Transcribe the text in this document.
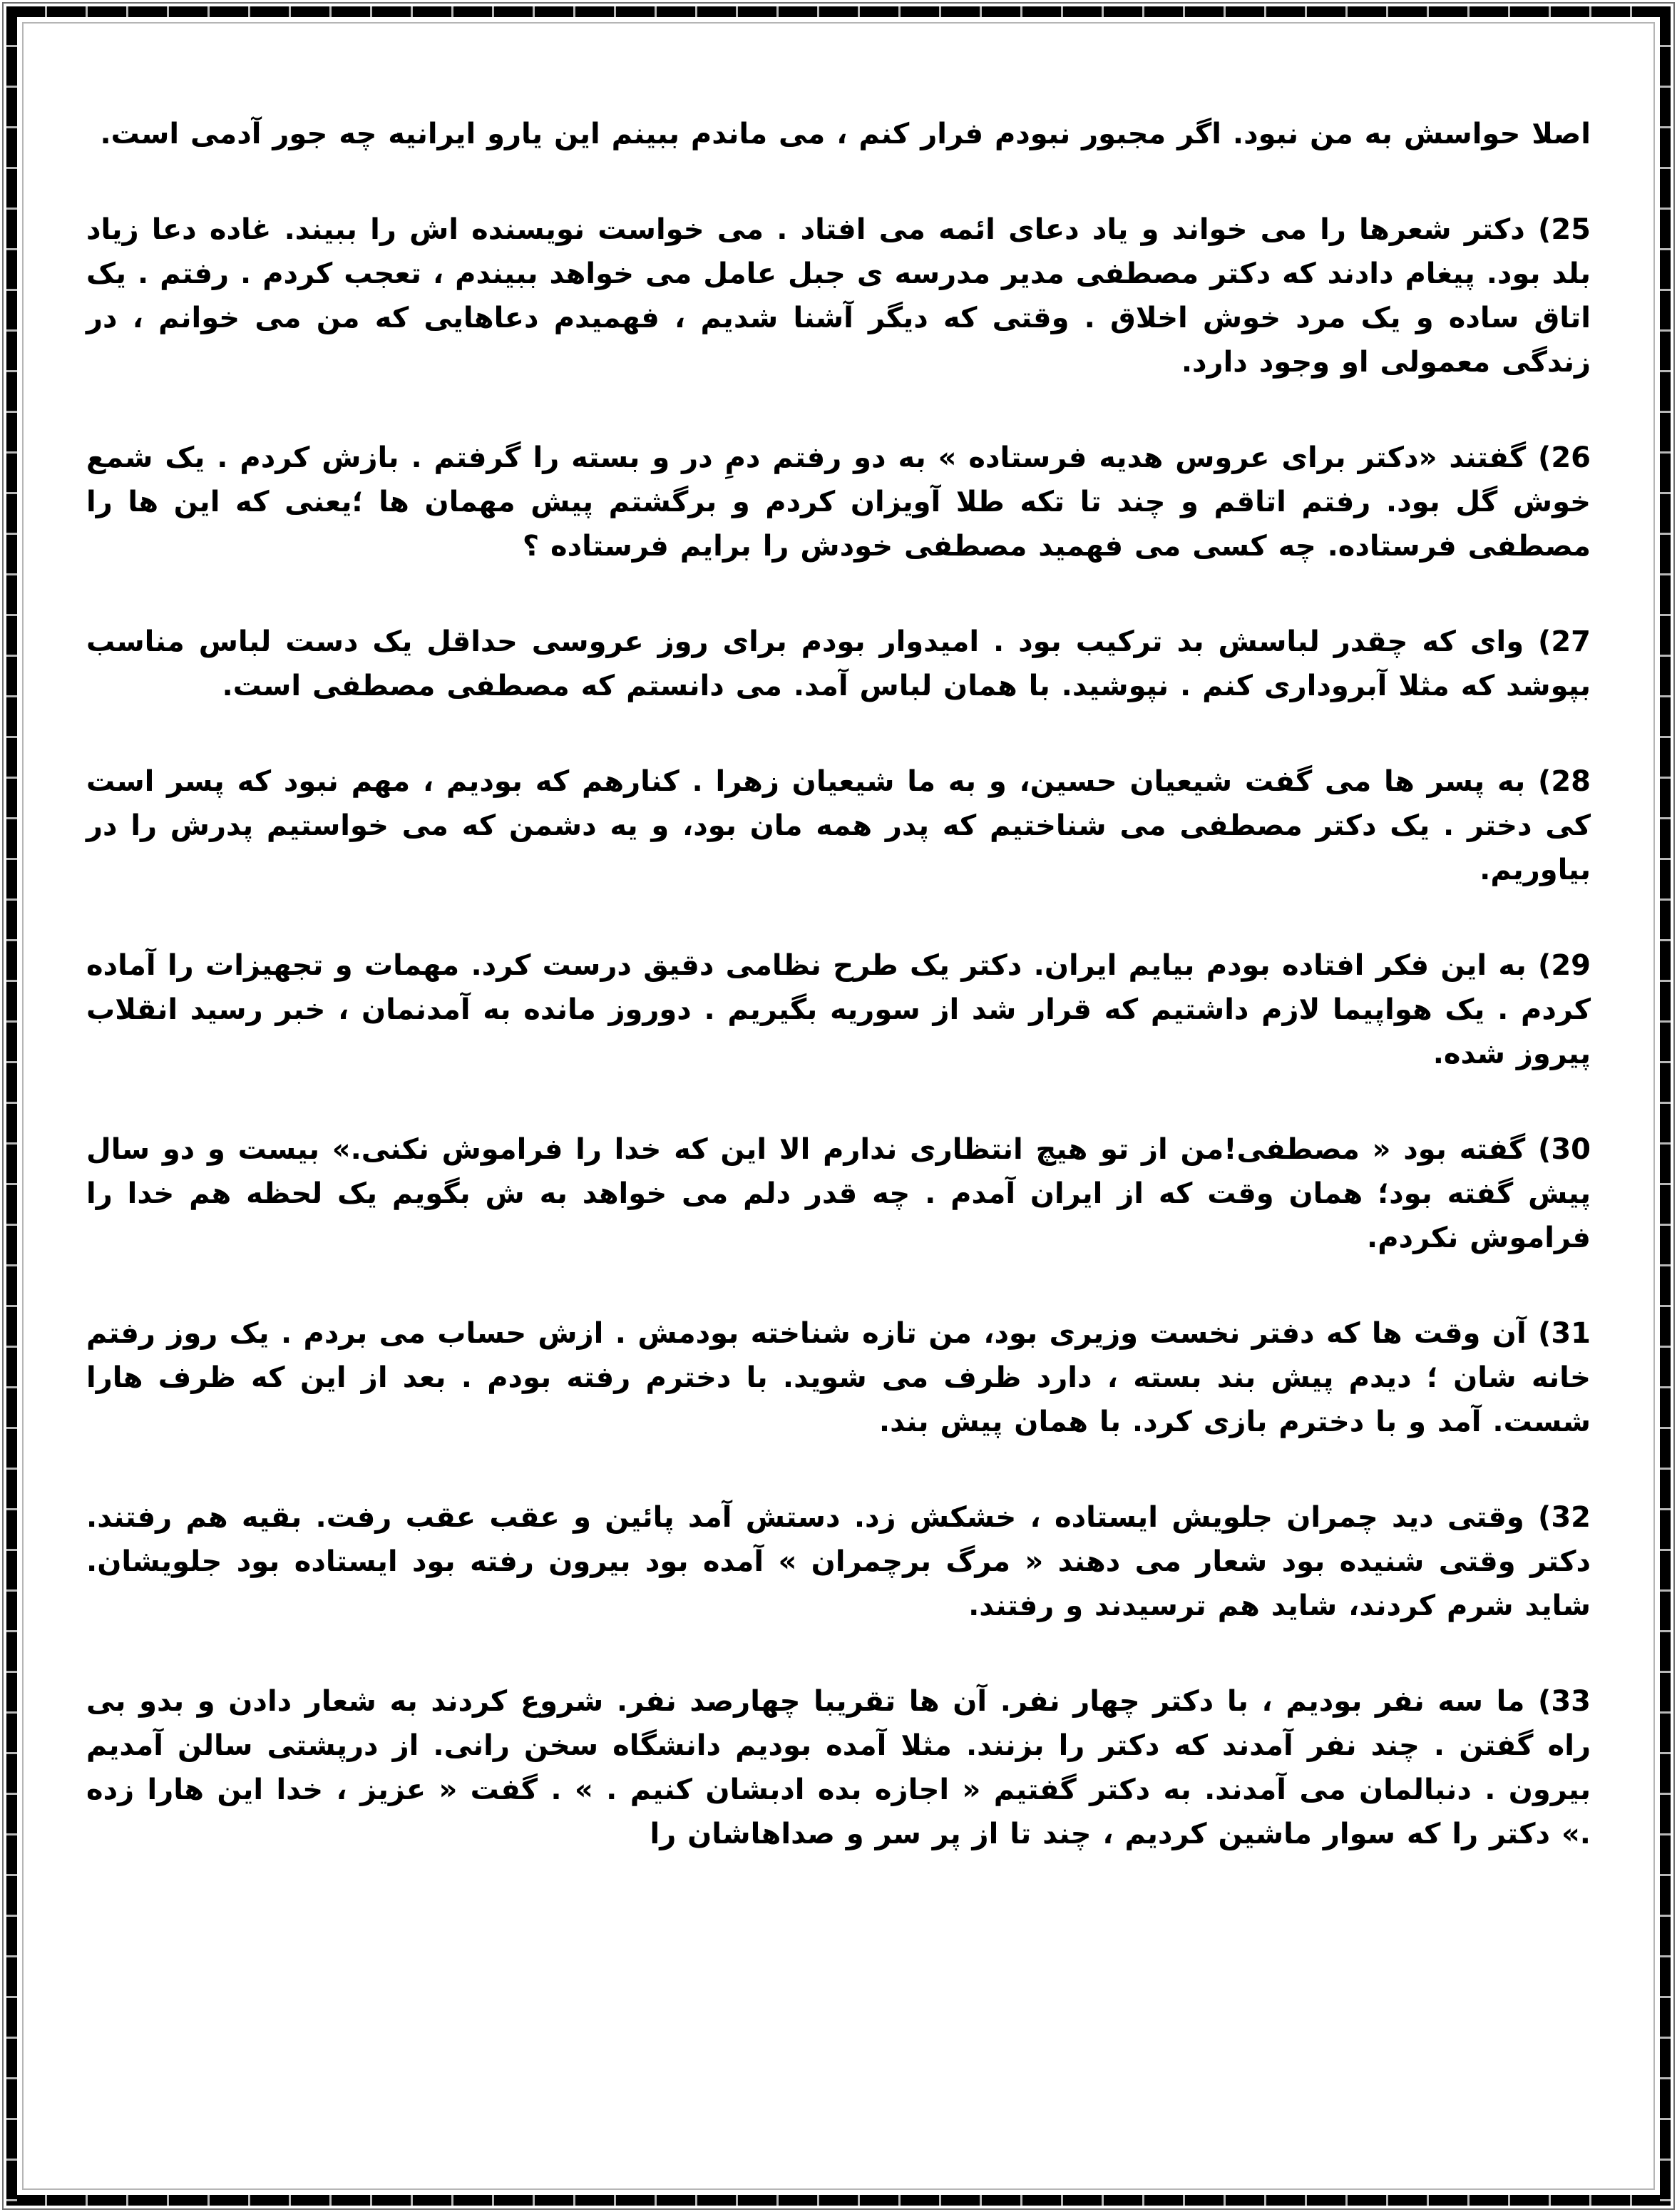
اصلا حواسش به من نبود. اگر مجبور نبودم فرار کنم ، می ماندم ببینم این یارو ایرانیه چه جور آدمی است.

25) دکتر شعرها را می خواند و یاد دعای ائمه می افتاد . می خواست نویسنده اش را ببیند. غاده دعا زیاد بلد بود. پیغام دادند که دکتر مصطفی مدیر مدرسه ی جبل عامل می خواهد ببیندم ، تعجب کردم . رفتم . یک اتاق ساده و یک مرد خوش اخلاق . وقتی که دیگر آشنا شدیم ، فهمیدم دعاهایی که من می خوانم ، در زندگی معمولی او وجود دارد.

26) گفتند «دکتر برای عروس هدیه فرستاده » به دو رفتم دمِ در و بسته را گرفتم . بازش کردم . یک شمع خوش گل بود. رفتم اتاقم و چند تا تکه طلا آویزان کردم و برگشتم پیش مهمان ها ؛یعنی که این ها را مصطفی فرستاده. چه کسی می فهمید مصطفی خودش را برایم فرستاده ؟

27) وای که چقدر لباسش بد ترکیب بود . امیدوار بودم برای روز عروسی حداقل یک دست لباس مناسب بپوشد که مثلا آبروداری کنم . نپوشید. با همان لباس آمد. می دانستم که مصطفی مصطفی است.

28) به پسر ها می گفت شیعیان حسین، و به ما شیعیان زهرا . کنارهم که بودیم ، مهم نبود که پسر است کی دختر . یک دکتر مصطفی می شناختیم که پدر همه مان بود، و یه دشمن که می خواستیم پدرش را در بیاوریم.

29) به این فکر افتاده بودم بیایم ایران. دکتر یک طرح نظامی دقیق درست کرد. مهمات و تجهیزات را آماده کردم . یک هواپیما لازم داشتیم که قرار شد از سوریه بگیریم . دوروز مانده به آمدنمان ، خبر رسید انقلاب پیروز شده.

30) گفته بود « مصطفی!من از تو هیچ انتظاری ندارم الا این که خدا را فراموش نکنی.» بیست و دو سال پیش گفته بود؛ همان وقت که از ایران آمدم . چه قدر دلم می خواهد به ش بگویم یک لحظه هم خدا را فراموش نکردم.

31) آن وقت ها که دفتر نخست وزیری بود، من تازه شناخته بودمش . ازش حساب می بردم . یک روز رفتم خانه شان ؛ دیدم پیش بند بسته ، دارد ظرف می شوید. با دخترم رفته بودم . بعد از این که ظرف هارا شست. آمد و با دخترم بازی کرد. با همان پیش بند.

32) وقتی دید چمران جلویش ایستاده ، خشکش زد. دستش آمد پائین و عقب عقب رفت. بقیه هم رفتند. دکتر وقتی شنیده بود شعار می دهند « مرگ برچمران » آمده بود بیرون رفته بود ایستاده بود جلویشان. شاید شرم کردند، شاید هم ترسیدند و رفتند.

33) ما سه نفر بودیم ، با دکتر چهار نفر. آن ها تقریبا چهارصد نفر. شروع کردند به شعار دادن و بدو بی راه گفتن . چند نفر آمدند که دکتر را بزنند. مثلا آمده بودیم دانشگاه سخن رانی. از درپشتی سالن آمدیم بیرون . دنبالمان می آمدند. به دکتر گفتیم « اجازه بده ادبشان کنیم . » . گفت « عزیز ، خدا این هارا زده .» دکتر را که سوار ماشین کردیم ، چند تا از پر سر و صداهاشان را
